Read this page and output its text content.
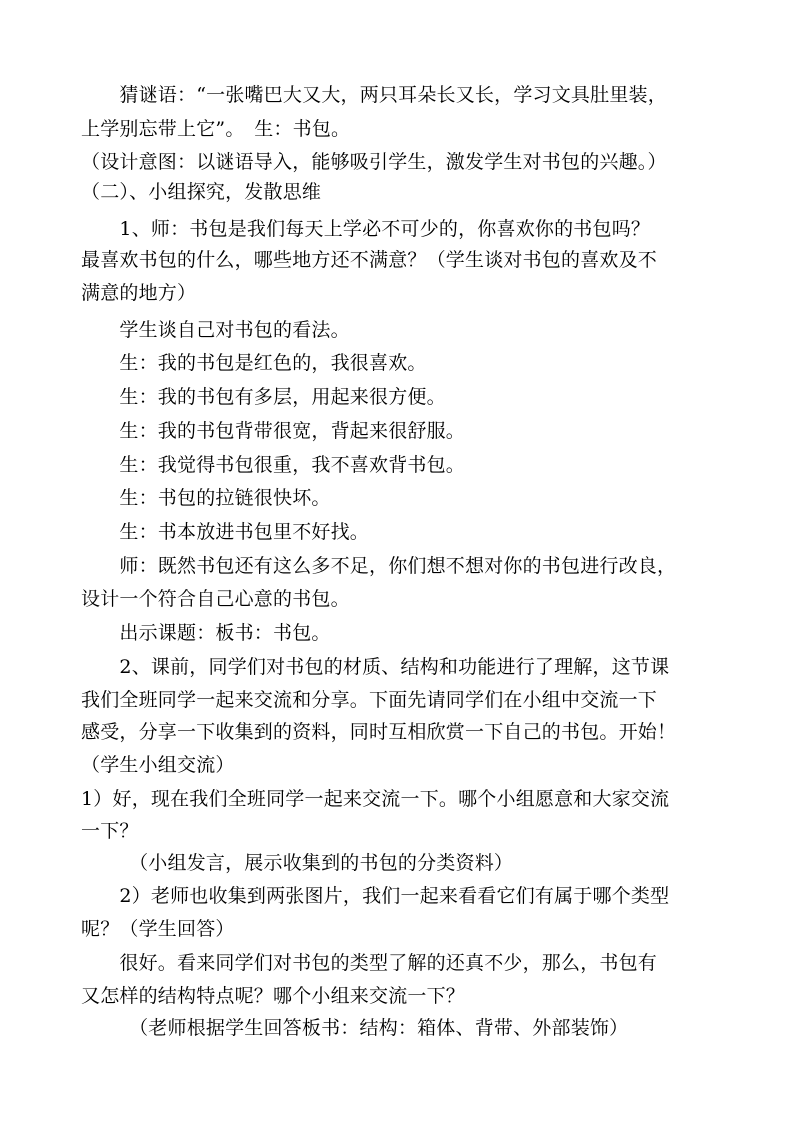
　　猜谜语：“一张嘴巴大又大，两只耳朵长又长，学习文具肚里装，
上学别忘带上它”。　生：书包。
（设计意图：以谜语导入，能够吸引学生，激发学生对书包的兴趣。）
（二）、小组探究，发散思维
　　1、师：书包是我们每天上学必不可少的，你喜欢你的书包吗？
最喜欢书包的什么，哪些地方还不满意？（学生谈对书包的喜欢及不
满意的地方）
　　学生谈自己对书包的看法。
　　生：我的书包是红色的，我很喜欢。
　　生：我的书包有多层，用起来很方便。
　　生：我的书包背带很宽，背起来很舒服。
　　生：我觉得书包很重，我不喜欢背书包。
　　生：书包的拉链很快坏。
　　生：书本放进书包里不好找。
　　师：既然书包还有这么多不足，你们想不想对你的书包进行改良，
设计一个符合自己心意的书包。
　　出示课题：板书：书包。
　　2、课前，同学们对书包的材质、结构和功能进行了理解，这节课
我们全班同学一起来交流和分享。下面先请同学们在小组中交流一下
感受，分享一下收集到的资料，同时互相欣赏一下自己的书包。开始！
（学生小组交流）
1）好，现在我们全班同学一起来交流一下。哪个小组愿意和大家交流
一下？
　　　（小组发言，展示收集到的书包的分类资料）
　　2）老师也收集到两张图片，我们一起来看看它们有属于哪个类型
呢？（学生回答）
　　很好。看来同学们对书包的类型了解的还真不少，那么，书包有
又怎样的结构特点呢？哪个小组来交流一下？
　　　（老师根据学生回答板书：结构：箱体、背带、外部装饰）
